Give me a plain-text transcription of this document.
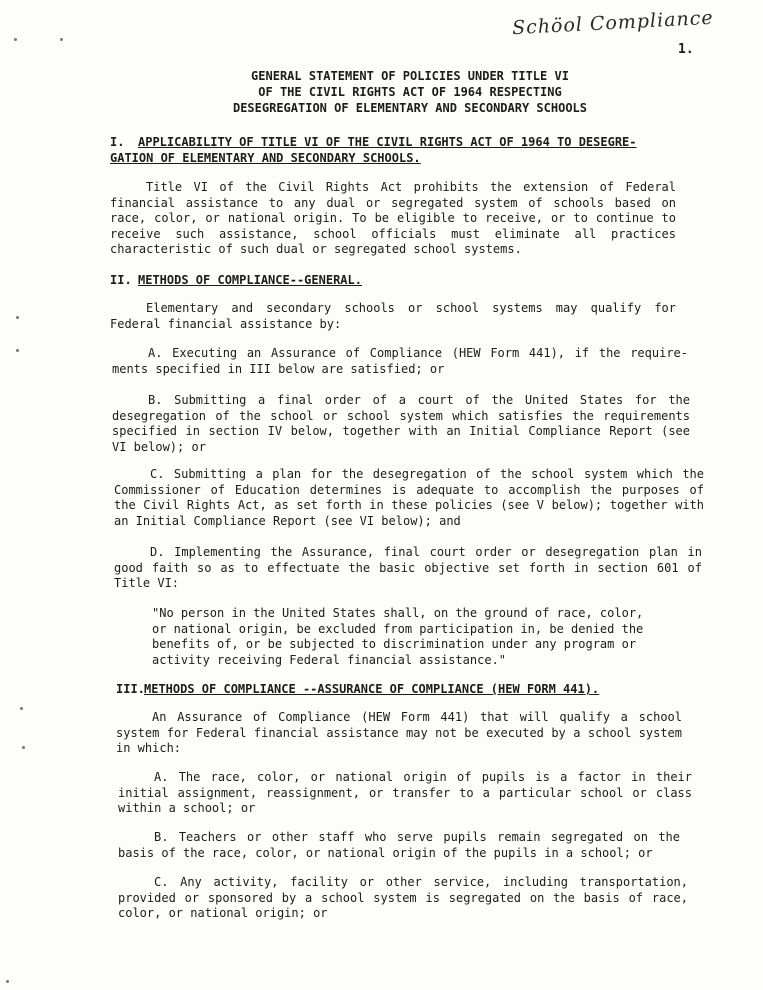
Schöol Compliance
1.
GENERAL STATEMENT OF POLICIES UNDER TITLE VI
OF THE CIVIL RIGHTS ACT OF 1964 RESPECTING
DESEGREGATION OF ELEMENTARY AND SECONDARY SCHOOLS
I. APPLICABILITY OF TITLE VI OF THE CIVIL RIGHTS ACT OF 1964 TO DESEGRE- GATION OF ELEMENTARY AND SECONDARY SCHOOLS.
Title VI of the Civil Rights Act prohibits the extension of Federal financial assistance to any dual or segregated system of schools based on race, color, or national origin. To be eligible to receive, or to continue to receive such assistance, school officials must eliminate all practices characteristic of such dual or segregated school systems.
II. METHODS OF COMPLIANCE--GENERAL.
Elementary and secondary schools or school systems may qualify for Federal financial assistance by:
A. Executing an Assurance of Compliance (HEW Form 441), if the require- ments specified in III below are satisfied; or
B. Submitting a final order of a court of the United States for the desegregation of the school or school system which satisfies the requirements specified in section IV below, together with an Initial Compliance Report (see VI below); or
C. Submitting a plan for the desegregation of the school system which the Commissioner of Education determines is adequate to accomplish the purposes of the Civil Rights Act, as set forth in these policies (see V below); together with an Initial Compliance Report (see VI below); and
D. Implementing the Assurance, final court order or desegregation plan in good faith so as to effectuate the basic objective set forth in section 601 of Title VI:
"No person in the United States shall, on the ground of race, color,
or national origin, be excluded from participation in, be denied the
benefits of, or be subjected to discrimination under any program or
activity receiving Federal financial assistance."
III.METHODS OF COMPLIANCE --ASSURANCE OF COMPLIANCE (HEW FORM 441).
An Assurance of Compliance (HEW Form 441) that will qualify a school system for Federal financial assistance may not be executed by a school system in which:
A. The race, color, or national origin of pupils is a factor in their initial assignment, reassignment, or transfer to a particular school or class within a school; or
B. Teachers or other staff who serve pupils remain segregated on the basis of the race, color, or national origin of the pupils in a school; or
C. Any activity, facility or other service, including transportation, provided or sponsored by a school system is segregated on the basis of race, color, or national origin; or
